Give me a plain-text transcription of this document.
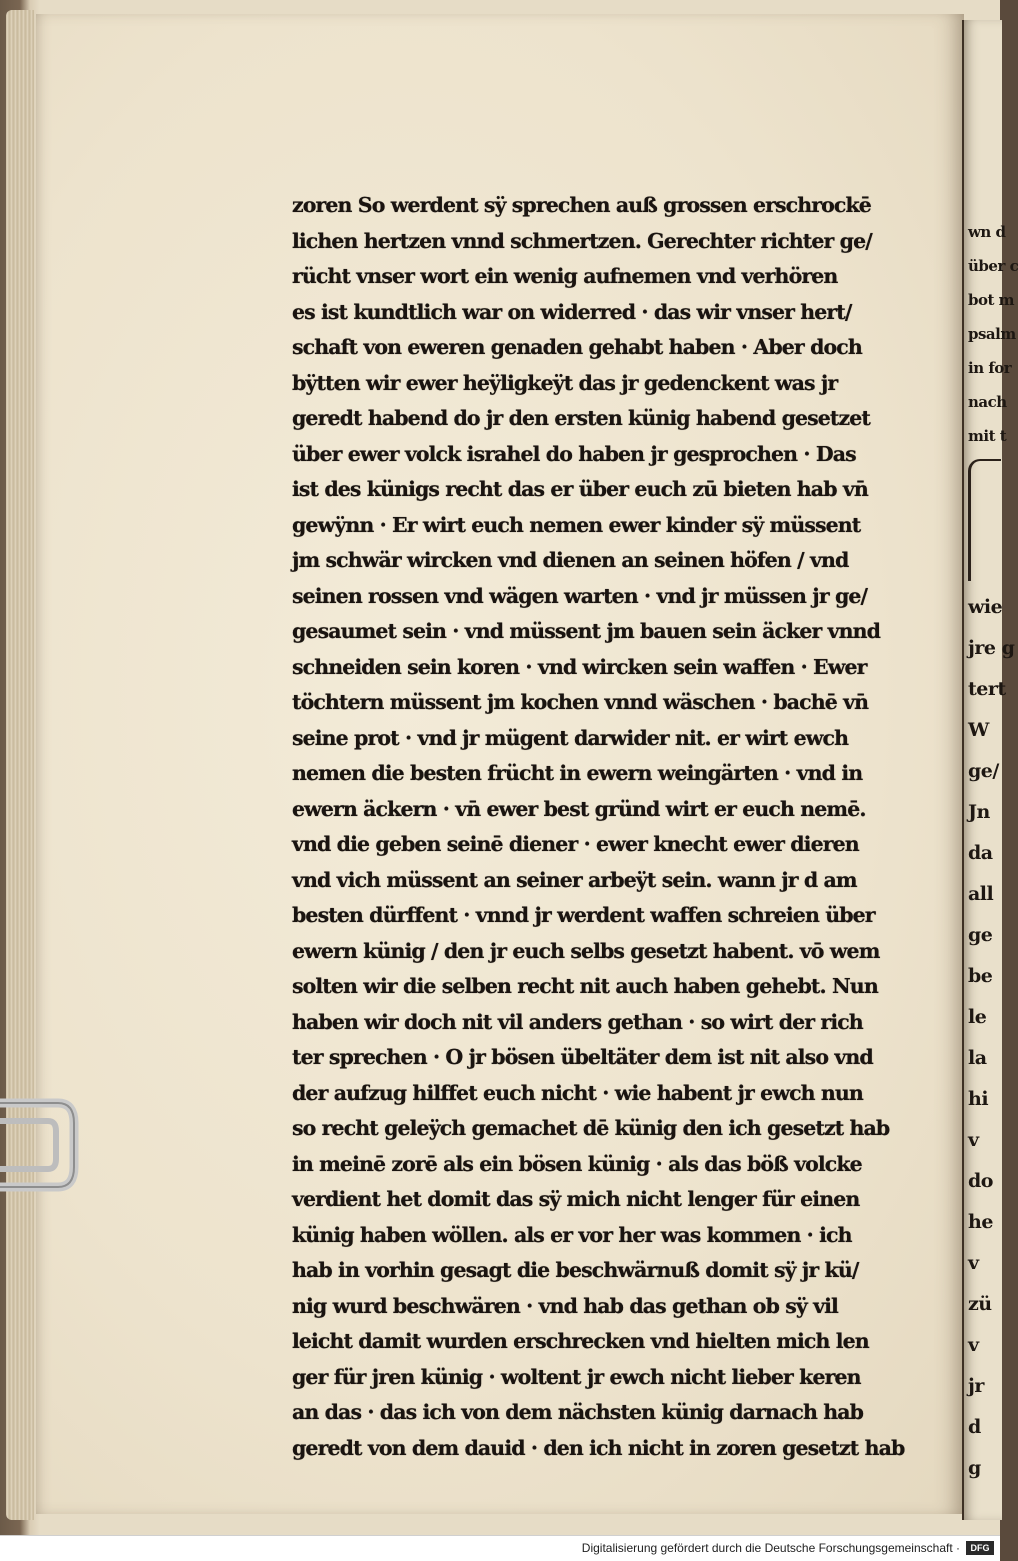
zoren So werdent sÿ sprechen auß grossen erschrockē
lichen hertzen vnnd schmertzen. Gerechter richter ge/
rücht vnser wort ein wenig aufnemen vnd verhören
es ist kundtlich war on widerred · das wir vnser hert/
schaft von eweren genaden gehabt haben · Aber doch
bÿtten wir ewer heÿligkeÿt das jr gedenckent was jr
geredt habend do jr den ersten künig habend gesetzet
über ewer volck israhel do haben jr gesprochen · Das
ist des künigs recht das er über euch zū bieten hab vn̄
gewÿnn · Er wirt euch nemen ewer kinder sÿ müssent
jm schwär wircken vnd dienen an seinen höfen / vnd
seinen rossen vnd wägen warten · vnd jr müssen jr ge/
gesaumet sein · vnd müssent jm bauen sein äcker vnnd
schneiden sein koren · vnd wircken sein waffen · Ewer
töchtern müssent jm kochen vnnd wäschen · bachē vn̄
seine prot · vnd jr mügent darwider nit. er wirt ewch
nemen die besten frücht in ewern weingärten · vnd in
ewern äckern · vn̄ ewer best gründ wirt er euch nemē.
vnd die geben seinē diener · ewer knecht ewer dieren
vnd vich müssent an seiner arbeÿt sein. wann jr d am
besten dürffent · vnnd jr werdent waffen schreien über
ewern künig / den jr euch selbs gesetzt habent. vō wem
solten wir die selben recht nit auch haben gehebt. Nun
haben wir doch nit vil anders gethan · so wirt der rich
ter sprechen · O jr bösen übeltäter dem ist nit also vnd
der aufzug hilffet euch nicht · wie habent jr ewch nun
so recht geleÿch gemachet dē künig den ich gesetzt hab
in meinē zorē als ein bösen künig · als das böß volcke
verdient het domit das sÿ mich nicht lenger für einen
künig haben wöllen. als er vor her was kommen · ich
hab in vorhin gesagt die beschwärnuß domit sÿ jr kü/
nig wurd beschwären · vnd hab das gethan ob sÿ vil
leicht damit wurden erschrecken vnd hielten mich len
ger für jren künig · woltent jr ewch nicht lieber keren
an das · das ich von dem nächsten künig darnach hab
geredt von dem dauid · den ich nicht in zoren gesetzt hab
wn d
über c
bot m
psalm
in for
nach
mit t
wie
jre g
tert
W
ge/
Jn
da
all
ge
be
le
la
hi
v
do
he
v
zü
v
jr
d
g
Digitalisierung gefördert durch die Deutsche Forschungsgemeinschaft ·	DFG
